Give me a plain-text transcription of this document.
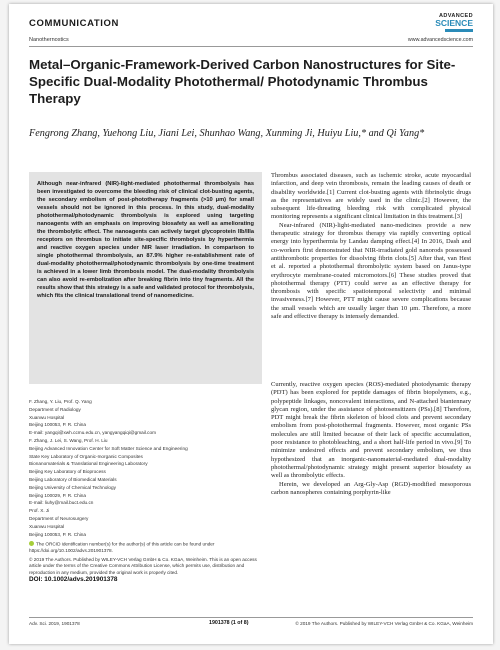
COMMUNICATION
Nanothernostics
ADVANCED
SCIENCE
www.advancedscience.com
Metal–Organic-Framework-Derived Carbon Nanostructures for Site-Specific Dual-Modality Photothermal/ Photodynamic Thrombus Therapy
Fengrong Zhang, Yuehong Liu, Jiani Lei, Shunhao Wang, Xunming Ji, Huiyu Liu,* and Qi Yang*
Although near-infrared (NIR)-light-mediated photothermal thrombolysis has been investigated to overcome the bleeding risk of clinical clot-busting agents, the secondary embolism of post-phototherapy fragments (>10 μm) for small vessels should not be ignored in this process. In this study, dual-modality photothermal/photodynamic thrombolysis is explored using targeting nanoagents with an emphasis on improving biosafety as well as ameliorating the thrombolytic effect. The nanoagents can actively target glycoprotein IIb/IIIa receptors on thrombus to initiate site-specific thrombolysis by hyperthermia and reactive oxygen species under NIR laser irradiation. In comparison to single photothermal thrombolysis, an 87.9% higher re-establishment rate of dual-modality photothermal/photodynamic thrombolysis by one-time treatment is achieved in a lower limb thrombosis model. The dual-modality thrombolysis can also avoid re-embolization after breaking fibrin into tiny fragments. All the results show that this strategy is a safe and validated protocol for thrombolysis, which fits the clinical translational trend of nanomedicine.

Thrombus associated diseases, such as ischemic stroke, acute myocardial infarction, and deep vein thrombosis, remain the leading causes of death or disability worldwide.[1] Current clot-busting agents with fibrinolytic drugs as the representatives are widely used in the clinic.[2] However, the subsequent life-threating bleeding risk with complicated physical monitoring represents a significant clinical limitation in this treatment.[3]

Near-infrared (NIR)-light-mediated nano-medicines provide a new therapeutic strategy for thrombus therapy via rapidly converting optical energy into hyperthermia by Landau damping effect.[4] In 2016, Dash and co-workers first demonstrated that NIR-irradiated gold nanorods possessed antithrombotic properties for dissolving fibrin clots.[5] After that, van Hest et al. reported a photothermal thrombolytic system based on Janus-type erythrocyte membrane-coated micromotors.[6] These studies proved that photothermal therapy (PTT) could serve as an effective therapy for thrombosis with specific spatiotemporal selectivity and minimal invasiveness.[7] However, PTT might cause severe complications because the small vessels which are usually larger than 10 μm. Therefore, a more safe and effective therapy is intensely demanded.

F. Zhang, Y. Liu, Prof. Q. Yang

Department of Radiology

Xuanwu Hospital

Beijing 100053, P. R. China

E-mail: yangqi@xwh.ccmu.edu.cn, yangyangqiqi@gmail.com

F. Zhang, J. Lei, S. Wang, Prof. H. Liu

Beijing Advanced Innovation Center for Soft Matter Science and Engineering

State Key Laboratory of Organic-Inorganic Composites

Bionanomaterials & Translational Engineering Laboratory

Beijing Key Laboratory of Bioprocess

Beijing Laboratory of Biomedical Materials

Beijing University of Chemical Technology

Beijing 100029, P. R. China

E-mail: liuhy@mail.buct.edu.cn

Prof. X. Ji

Department of Neurosurgery

Xuanwu Hospital

Beijing 100053, P. R. China

The ORCID identification number(s) for the author(s) of this article can be found under https://doi.org/10.1002/advs.201901378.

© 2019 The Authors. Published by WILEY-VCH Verlag GmbH & Co. KGaA, Weinheim. This is an open access article under the terms of the Creative Commons Attribution License, which permits use, distribution and reproduction in any medium, provided the original work is properly cited.

DOI: 10.1002/advs.201901378

Currently, reactive oxygen species (ROS)-mediated photodynamic therapy (PDT) has been explored for peptide damages of fibrin biopolymers, e.g., polypeptide linkages, noncovalent interactions, and N-attached biantennary glycan region, under the assistance of photosensitizers (PSs).[8] Therefore, PDT might break the fibrin skeleton of blood clots and prevent secondary embolism from post-photothermal fragments. However, most organic PSs molecules are still limited because of their lack of specific accumulation, poor resistance to photobleaching, and a short half-life period in vivo.[9] To minimize undesired effects and prevent secondary embolism, we thus hypothesized that an inorganic-nanomaterial-mediated dual-modality photothermal/photodynamic strategy might present superior biosafety as well as thrombolytic effects.

Herein, we developed an Arg-Gly-Asp (RGD)-modified mesoporous carbon nanospheres containing porphyrin-like

Adv. Sci. 2019, 1901378	1901378 (1 of 8)	© 2019 The Authors. Published by WILEY-VCH Verlag GmbH & Co. KGaA, Weinheim
